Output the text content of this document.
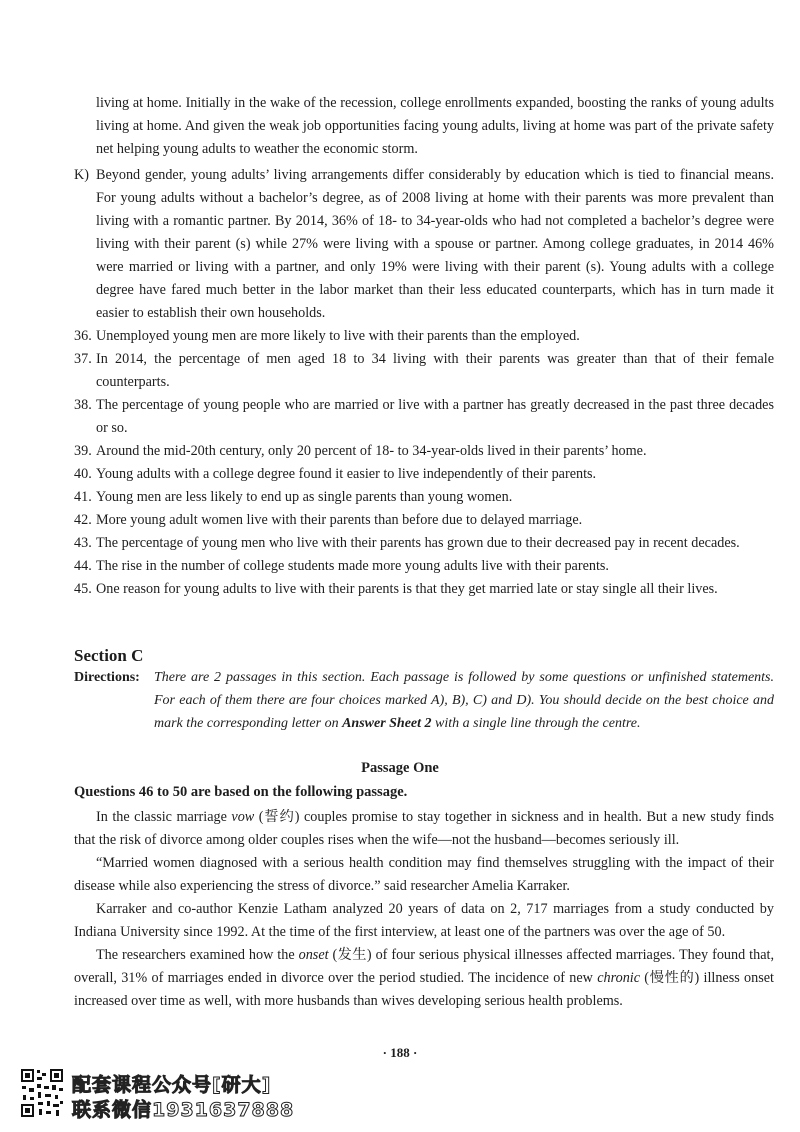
living at home. Initially in the wake of the recession, college enrollments expanded, boosting the ranks of young adults living at home. And given the weak job opportunities facing young adults, living at home was part of the private safety net helping young adults to weather the economic storm.

K) Beyond gender, young adults’ living arrangements differ considerably by education which is tied to financial means. For young adults without a bachelor’s degree, as of 2008 living at home with their parents was more prevalent than living with a romantic partner. By 2014, 36% of 18- to 34-year-olds who had not completed a bachelor’s degree were living with their parent (s) while 27% were living with a spouse or partner. Among college graduates, in 2014 46% were married or living with a partner, and only 19% were living with their parent (s). Young adults with a college degree have fared much better in the labor market than their less educated counterparts, which has in turn made it easier to establish their own households.

36. Unemployed young men are more likely to live with their parents than the employed.

37. In 2014, the percentage of men aged 18 to 34 living with their parents was greater than that of their female counterparts.

38. The percentage of young people who are married or live with a partner has greatly decreased in the past three decades or so.

39. Around the mid-20th century, only 20 percent of 18- to 34-year-olds lived in their parents’ home.

40. Young adults with a college degree found it easier to live independently of their parents.

41. Young men are less likely to end up as single parents than young women.

42. More young adult women live with their parents than before due to delayed marriage.

43. The percentage of young men who live with their parents has grown due to their decreased pay in recent decades.

44. The rise in the number of college students made more young adults live with their parents.

45. One reason for young adults to live with their parents is that they get married late or stay single all their lives.

Section C
Directions: There are 2 passages in this section. Each passage is followed by some questions or unfinished statements. For each of them there are four choices marked A), B), C) and D). You should decide on the best choice and mark the corresponding letter on Answer Sheet 2 with a single line through the centre.
Passage One
Questions 46 to 50 are based on the following passage.

In the classic marriage vow (誓约) couples promise to stay together in sickness and in health. But a new study finds that the risk of divorce among older couples rises when the wife—not the husband—becomes seriously ill.

“Married women diagnosed with a serious health condition may find themselves struggling with the impact of their disease while also experiencing the stress of divorce.” said researcher Amelia Karraker.

Karraker and co-author Kenzie Latham analyzed 20 years of data on 2, 717 marriages from a study conducted by Indiana University since 1992. At the time of the first interview, at least one of the partners was over the age of 50.

The researchers examined how the onset (发生) of four serious physical illnesses affected marriages. They found that, overall, 31% of marriages ended in divorce over the period studied. The incidence of new chronic (慢性的) illness onset increased over time as well, with more husbands than wives developing serious health problems.

· 188 ·
配套课程公众号[研大]
联系微信1931637888
